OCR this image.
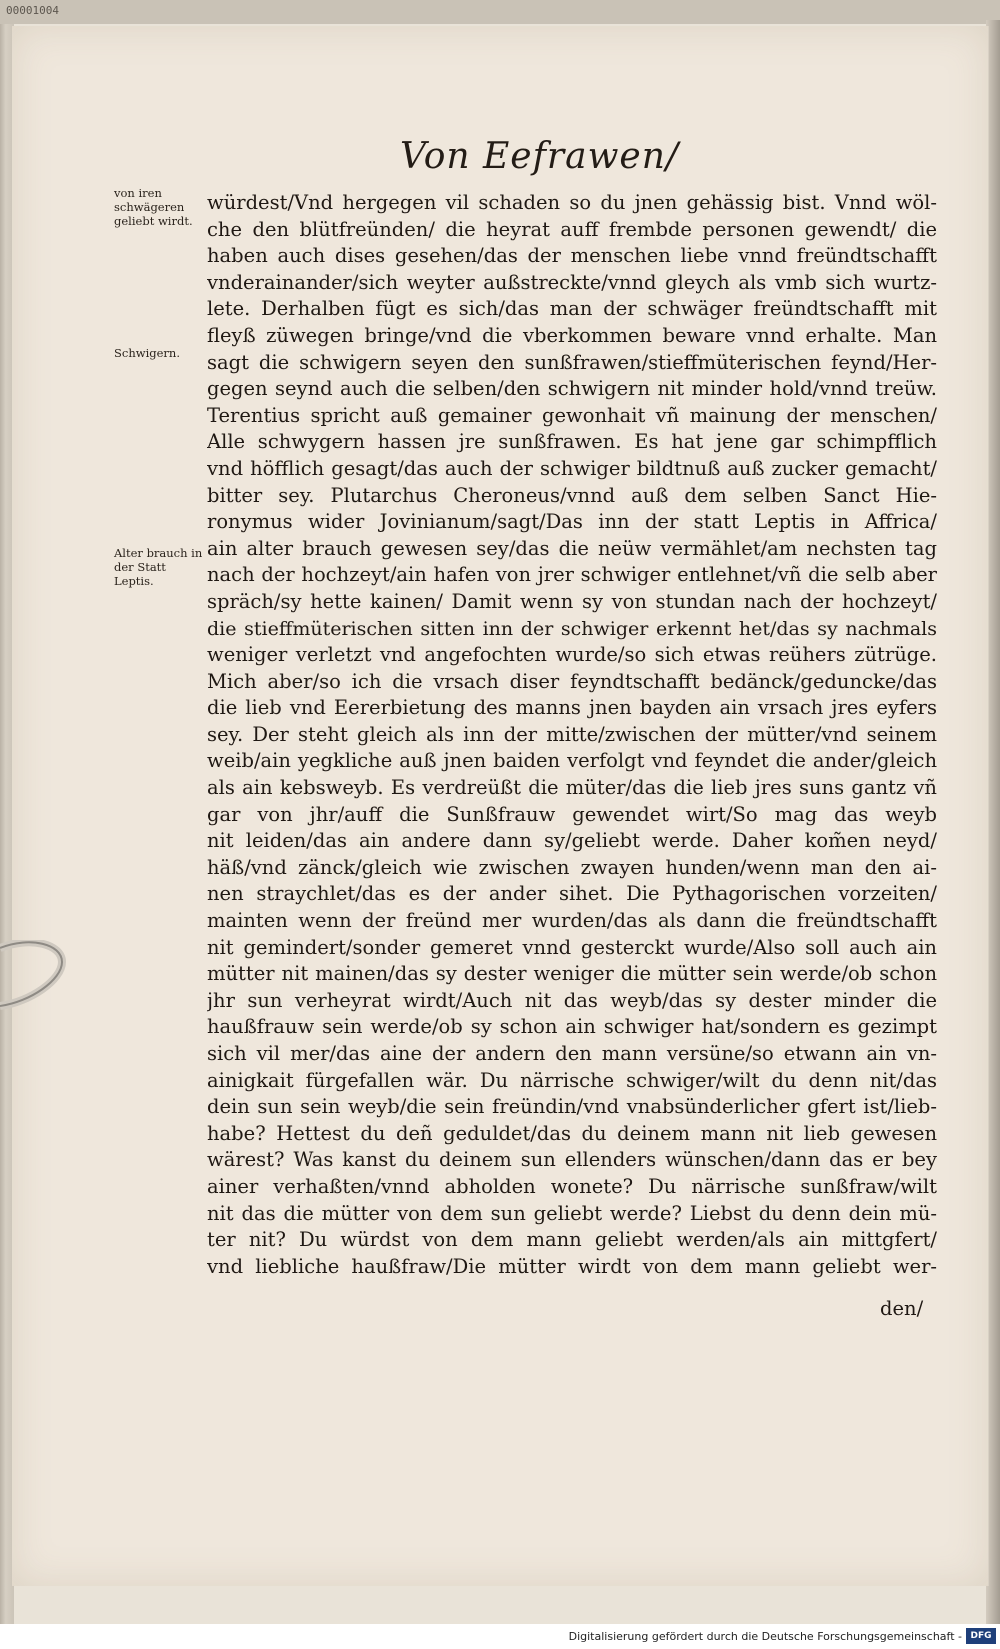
00001004
Von Eefrawen/
von iren schwägeren geliebt wirdt.
Schwigern.
Alter brauch in der Statt Leptis.
würdest/Vnd hergegen vil schaden so du jnen gehässig bist. Vnnd wöl-
che den blütfreünden/ die heyrat auff frembde personen gewendt/ die
haben auch dises gesehen/das der menschen liebe vnnd freündtschafft
vnderainander/sich weyter außstreckte/vnnd gleych als vmb sich wurtz-
lete. Derhalben fügt es sich/das man der schwäger freündtschafft mit
fleyß züwegen bringe/vnd die vberkommen beware vnnd erhalte. Man
sagt die schwigern seyen den sunßfrawen/stieffmüterischen feynd/Her-
gegen seynd auch die selben/den schwigern nit minder hold/vnnd treüw.
Terentius spricht auß gemainer gewonhait vñ mainung der menschen/
Alle schwygern hassen jre sunßfrawen. Es hat jene gar schimpfflich
vnd höfflich gesagt/das auch der schwiger bildtnuß auß zucker gemacht/
bitter sey. Plutarchus Cheroneus/vnnd auß dem selben Sanct Hie-
ronymus wider Jovinianum/sagt/Das inn der statt Leptis in Affrica/
ain alter brauch gewesen sey/das die neüw vermählet/am nechsten tag
nach der hochzeyt/ain hafen von jrer schwiger entlehnet/vñ die selb aber
spräch/sy hette kainen/ Damit wenn sy von stundan nach der hochzeyt/
die stieffmüterischen sitten inn der schwiger erkennt het/das sy nachmals
weniger verletzt vnd angefochten wurde/so sich etwas reühers zütrüge.
Mich aber/so ich die vrsach diser feyndtschafft bedänck/geduncke/das
die lieb vnd Eererbietung des manns jnen bayden ain vrsach jres eyfers
sey. Der steht gleich als inn der mitte/zwischen der mütter/vnd seinem
weib/ain yegkliche auß jnen baiden verfolgt vnd feyndet die ander/gleich
als ain kebsweyb. Es verdreüßt die müter/das die lieb jres suns gantz vñ
gar von jhr/auff die Sunßfrauw gewendet wirt/So mag das weyb
nit leiden/das ain andere dann sy/geliebt werde. Daher kom̃en neyd/
häß/vnd zänck/gleich wie zwischen zwayen hunden/wenn man den ai-
nen straychlet/das es der ander sihet. Die Pythagorischen vorzeiten/
mainten wenn der freünd mer wurden/das als dann die freündtschafft
nit gemindert/sonder gemeret vnnd gesterckt wurde/Also soll auch ain
mütter nit mainen/das sy dester weniger die mütter sein werde/ob schon
jhr sun verheyrat wirdt/Auch nit das weyb/das sy dester minder die
haußfrauw sein werde/ob sy schon ain schwiger hat/sondern es gezimpt
sich vil mer/das aine der andern den mann versüne/so etwann ain vn-
ainigkait fürgefallen wär. Du närrische schwiger/wilt du denn nit/das
dein sun sein weyb/die sein freündin/vnd vnabsünderlicher gfert ist/lieb-
habe? Hettest du deñ geduldet/das du deinem mann nit lieb gewesen
wärest? Was kanst du deinem sun ellenders wünschen/dann das er bey
ainer verhaßten/vnnd abholden wonete? Du närrische sunßfraw/wilt
nit das die mütter von dem sun geliebt werde? Liebst du denn dein mü-
ter nit? Du würdst von dem mann geliebt werden/als ain mittgfert/
vnd liebliche haußfraw/Die mütter wirdt von dem mann geliebt wer-
den/
Digitalisierung gefördert durch die Deutsche Forschungsgemeinschaft - DFG
